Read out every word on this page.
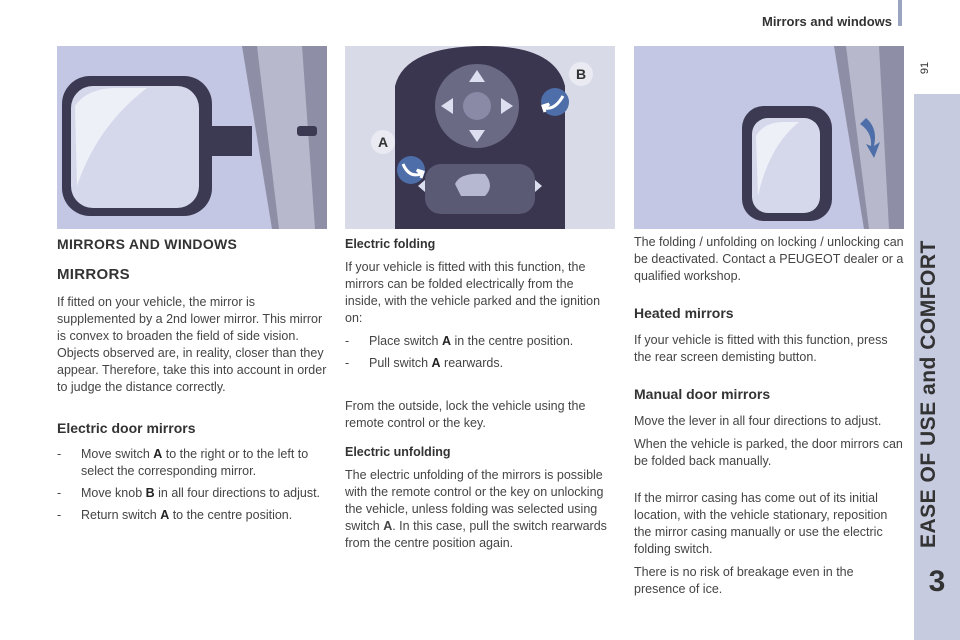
Mirrors and windows
91
EASE OF USE and COMFORT
3
B
A
MIRRORS AND WINDOWS
MIRRORS

If fitted on your vehicle, the mirror is supplemented by a 2nd lower mirror. This mirror is convex to broaden the field of side vision. Objects observed are, in reality, closer than they appear. Therefore, take this into account in order to judge the distance correctly.

Electric door mirrors
-	Move switch A to the right or to the left to select the corresponding mirror.
-	Move knob B in all four directions to adjust.
-	Return switch A to the centre position.
Electric folding

If your vehicle is fitted with this function, the mirrors can be folded electrically from the inside, with the vehicle parked and the ignition on:

-	Place switch A in the centre position.
-	Pull switch A rearwards.

From the outside, lock the vehicle using the remote control or the key.

Electric unfolding

The electric unfolding of the mirrors is possible with the remote control or the key on unlocking the vehicle, unless folding was selected using switch A. In this case, pull the switch rearwards from the centre position again.

The folding / unfolding on locking / unlocking can be deactivated. Contact a PEUGEOT dealer or a qualified workshop.

Heated mirrors

If your vehicle is fitted with this function, press the rear screen demisting button.

Manual door mirrors

Move the lever in all four directions to adjust.

When the vehicle is parked, the door mirrors can be folded back manually.

If the mirror casing has come out of its initial location, with the vehicle stationary, reposition the mirror casing manually or use the electric folding switch.

There is no risk of breakage even in the presence of ice.
